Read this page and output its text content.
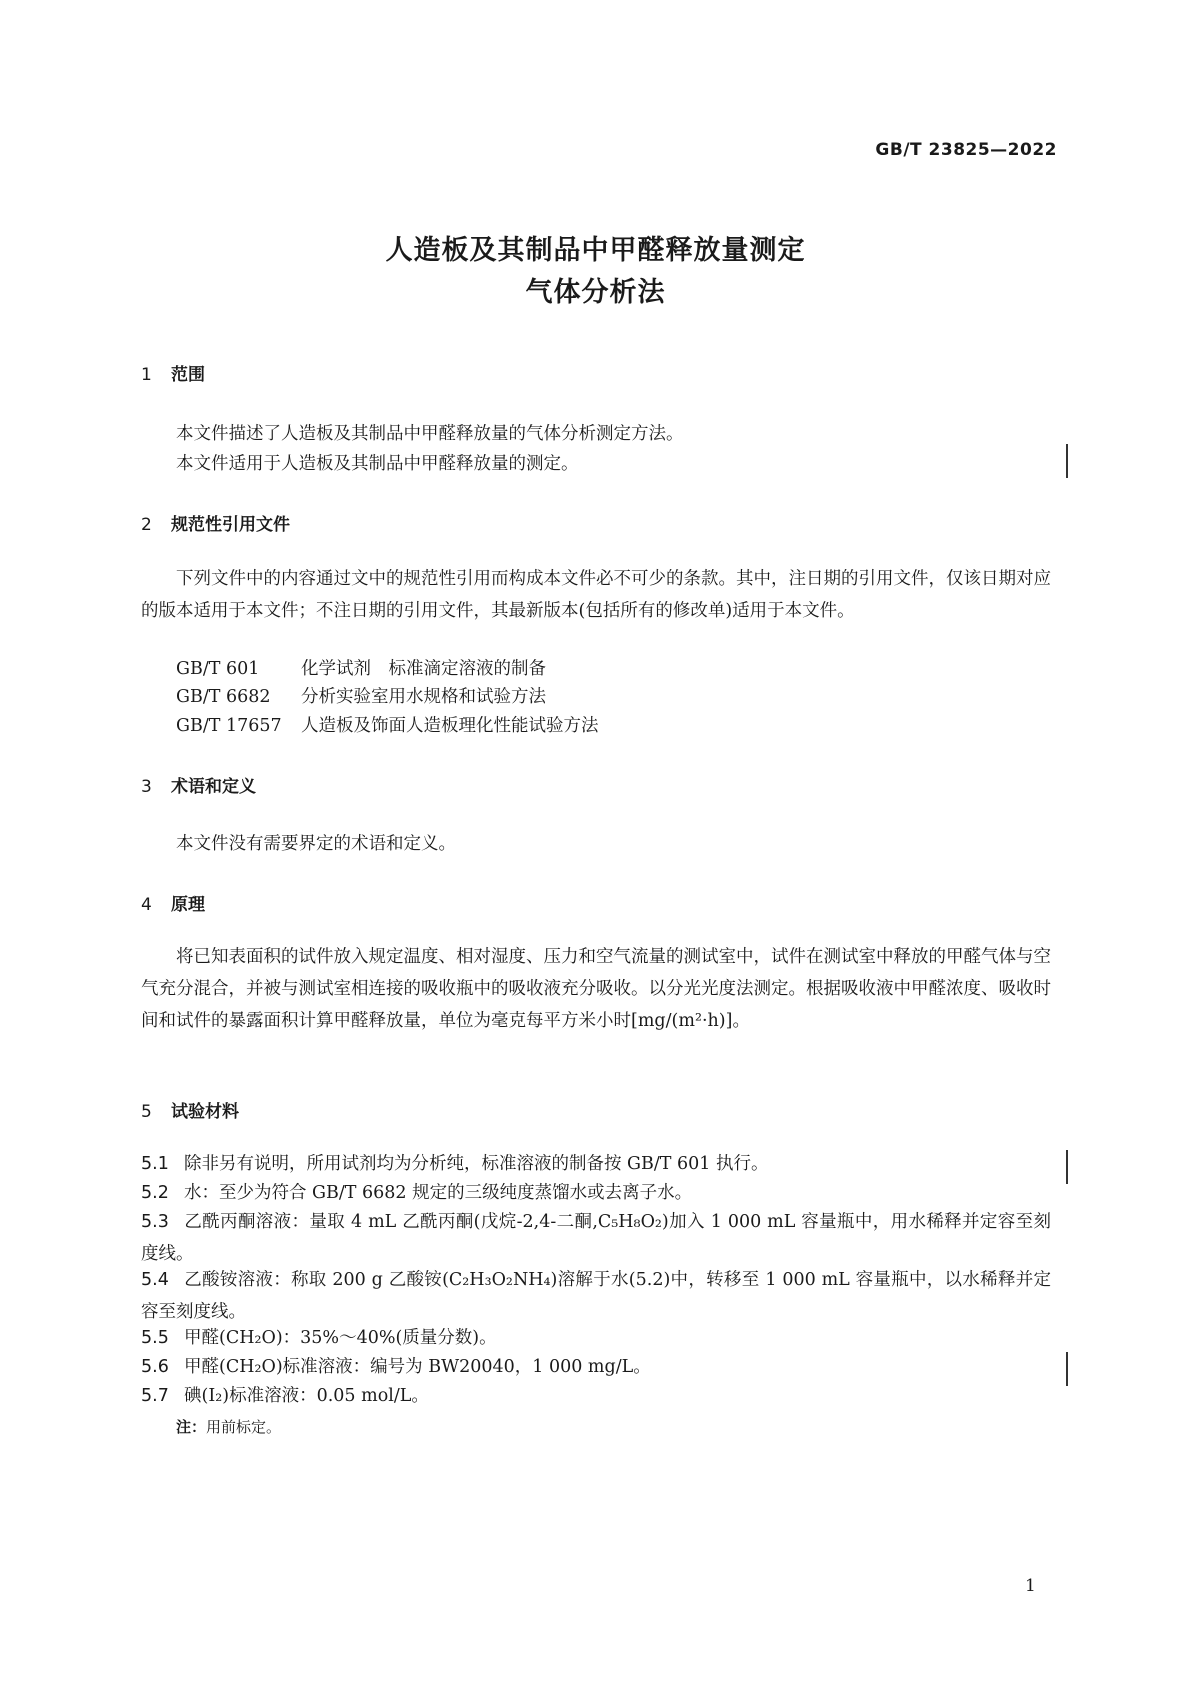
GB/T 23825—2022
人造板及其制品中甲醛释放量测定
气体分析法
1 范围
本文件描述了人造板及其制品中甲醛释放量的气体分析测定方法。
本文件适用于人造板及其制品中甲醛释放量的测定。
2 规范性引用文件
下列文件中的内容通过文中的规范性引用而构成本文件必不可少的条款。其中，注日期的引用文件，仅该日期对应的版本适用于本文件；不注日期的引用文件，其最新版本(包括所有的修改单)适用于本文件。
GB/T 601 化学试剂　标准滴定溶液的制备
GB/T 6682 分析实验室用水规格和试验方法
GB/T 17657 人造板及饰面人造板理化性能试验方法
3 术语和定义
本文件没有需要界定的术语和定义。
4 原理
将已知表面积的试件放入规定温度、相对湿度、压力和空气流量的测试室中，试件在测试室中释放的甲醛气体与空气充分混合，并被与测试室相连接的吸收瓶中的吸收液充分吸收。以分光光度法测定。根据吸收液中甲醛浓度、吸收时间和试件的暴露面积计算甲醛释放量，单位为毫克每平方米小时[mg/(m²·h)]。
5 试验材料
5.1 除非另有说明，所用试剂均为分析纯，标准溶液的制备按 GB/T 601 执行。
5.2 水：至少为符合 GB/T 6682 规定的三级纯度蒸馏水或去离子水。
5.3 乙酰丙酮溶液：量取 4 mL 乙酰丙酮(戊烷-2,4-二酮,C₅H₈O₂)加入 1 000 mL 容量瓶中，用水稀释并定容至刻度线。
5.4 乙酸铵溶液：称取 200 g 乙酸铵(C₂H₃O₂NH₄)溶解于水(5.2)中，转移至 1 000 mL 容量瓶中，以水稀释并定容至刻度线。
5.5 甲醛(CH₂O)：35%～40%(质量分数)。
5.6 甲醛(CH₂O)标准溶液：编号为 BW20040，1 000 mg/L。
5.7 碘(I₂)标准溶液：0.05 mol/L。
注：用前标定。
1
